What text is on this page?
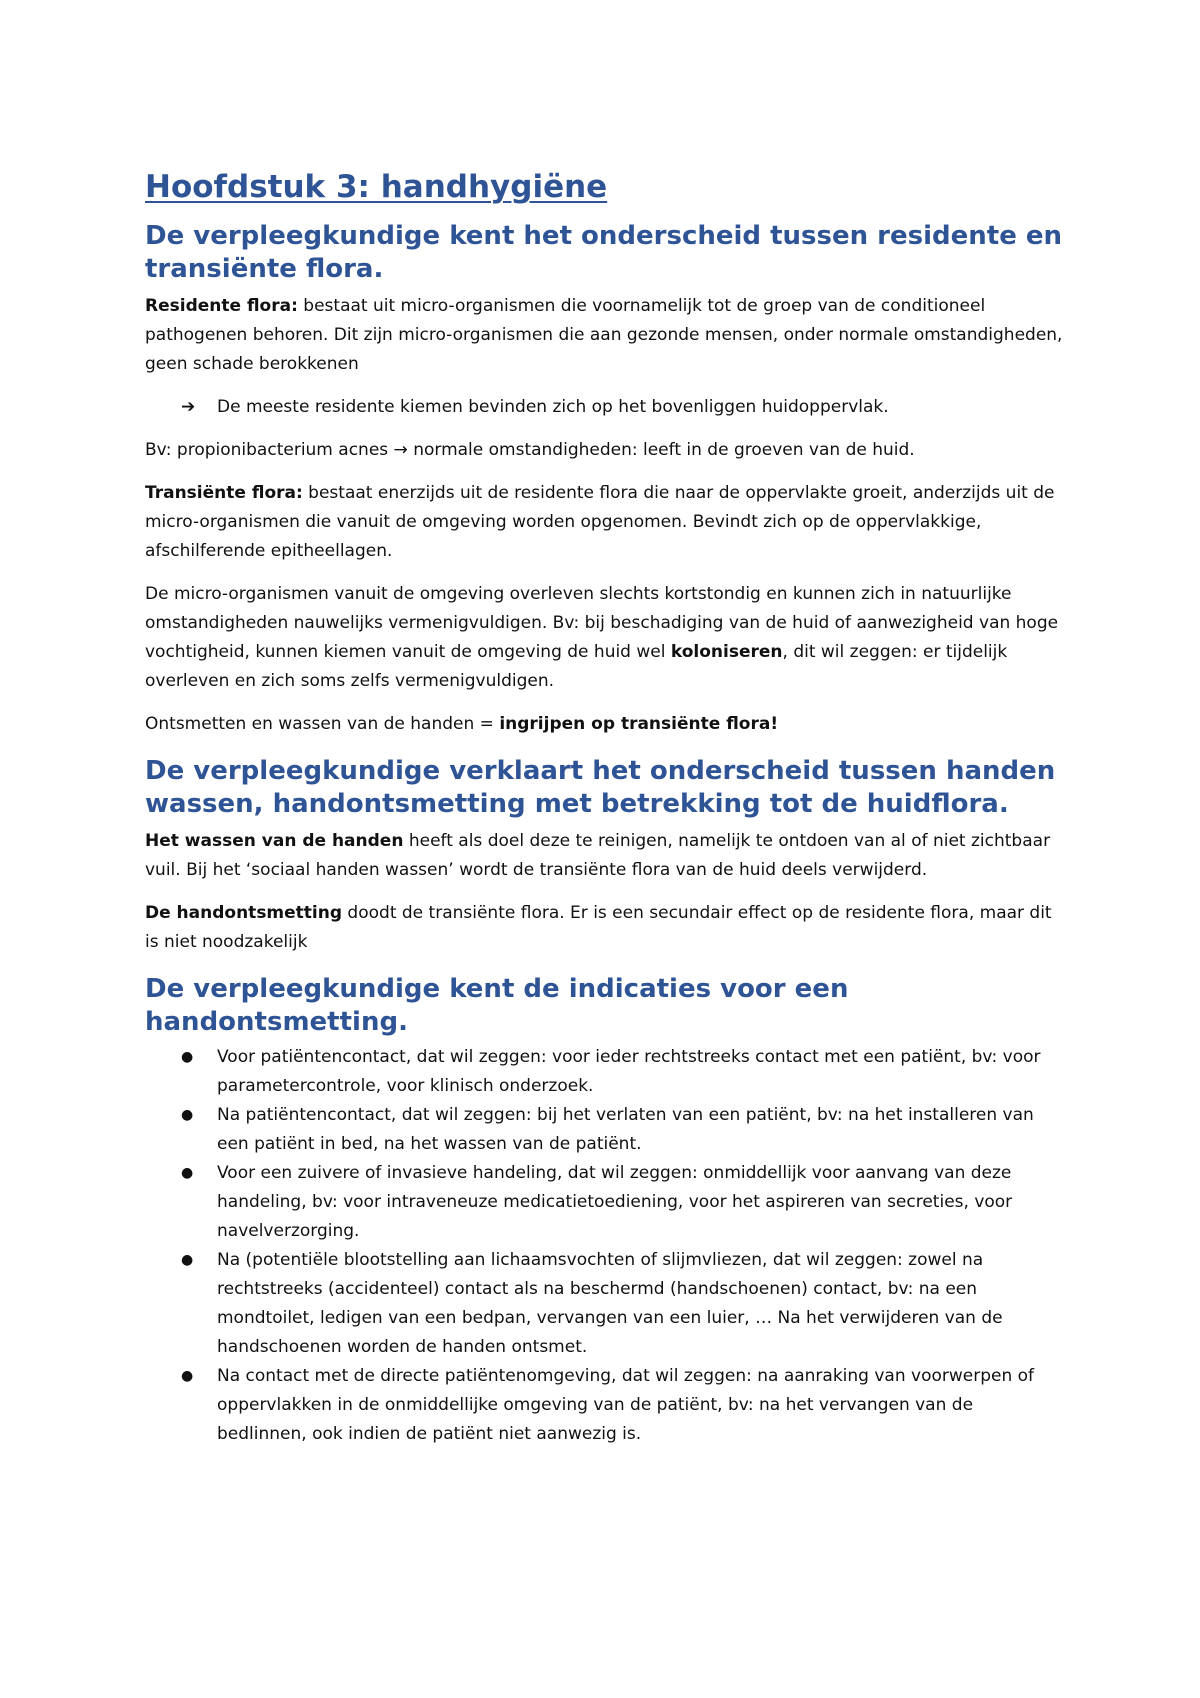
Hoofdstuk 3: handhygiëne
De verpleegkundige kent het onderscheid tussen residente en transiënte flora.

Residente flora: bestaat uit micro-organismen die voornamelijk tot de groep van de conditioneel pathogenen behoren. Dit zijn micro-organismen die aan gezonde mensen, onder normale omstandigheden, geen schade berokkenen

➔	De meeste residente kiemen bevinden zich op het bovenliggen huidoppervlak.

Bv: propionibacterium acnes → normale omstandigheden: leeft in de groeven van de huid.

Transiënte flora: bestaat enerzijds uit de residente flora die naar de oppervlakte groeit, anderzijds uit de micro-organismen die vanuit de omgeving worden opgenomen. Bevindt zich op de oppervlakkige, afschilferende epitheellagen.

De micro-organismen vanuit de omgeving overleven slechts kortstondig en kunnen zich in natuurlijke omstandigheden nauwelijks vermenigvuldigen. Bv: bij beschadiging van de huid of aanwezigheid van hoge vochtigheid, kunnen kiemen vanuit de omgeving de huid wel koloniseren, dit wil zeggen: er tijdelijk overleven en zich soms zelfs vermenigvuldigen.

Ontsmetten en wassen van de handen = ingrijpen op transiënte flora!

De verpleegkundige verklaart het onderscheid tussen handen wassen, handontsmetting met betrekking tot de huidflora.

Het wassen van de handen heeft als doel deze te reinigen, namelijk te ontdoen van al of niet zichtbaar vuil. Bij het ‘sociaal handen wassen’ wordt de transiënte flora van de huid deels verwijderd.

De handontsmetting doodt de transiënte flora. Er is een secundair effect op de residente flora, maar dit is niet noodzakelijk

De verpleegkundige kent de indicaties voor een handontsmetting.
●	Voor patiëntencontact, dat wil zeggen: voor ieder rechtstreeks contact met een patiënt, bv: voor parametercontrole, voor klinisch onderzoek.
●	Na patiëntencontact, dat wil zeggen: bij het verlaten van een patiënt, bv: na het installeren van een patiënt in bed, na het wassen van de patiënt.
●	Voor een zuivere of invasieve handeling, dat wil zeggen: onmiddellijk voor aanvang van deze handeling, bv: voor intraveneuze medicatietoediening, voor het aspireren van secreties, voor navelverzorging.
●	Na (potentiële blootstelling aan lichaamsvochten of slijmvliezen, dat wil zeggen: zowel na rechtstreeks (accidenteel) contact als na beschermd (handschoenen) contact, bv: na een mondtoilet, ledigen van een bedpan, vervangen van een luier, … Na het verwijderen van de handschoenen worden de handen ontsmet.
●	Na contact met de directe patiëntenomgeving, dat wil zeggen: na aanraking van voorwerpen of oppervlakken in de onmiddellijke omgeving van de patiënt, bv: na het vervangen van de bedlinnen, ook indien de patiënt niet aanwezig is.
